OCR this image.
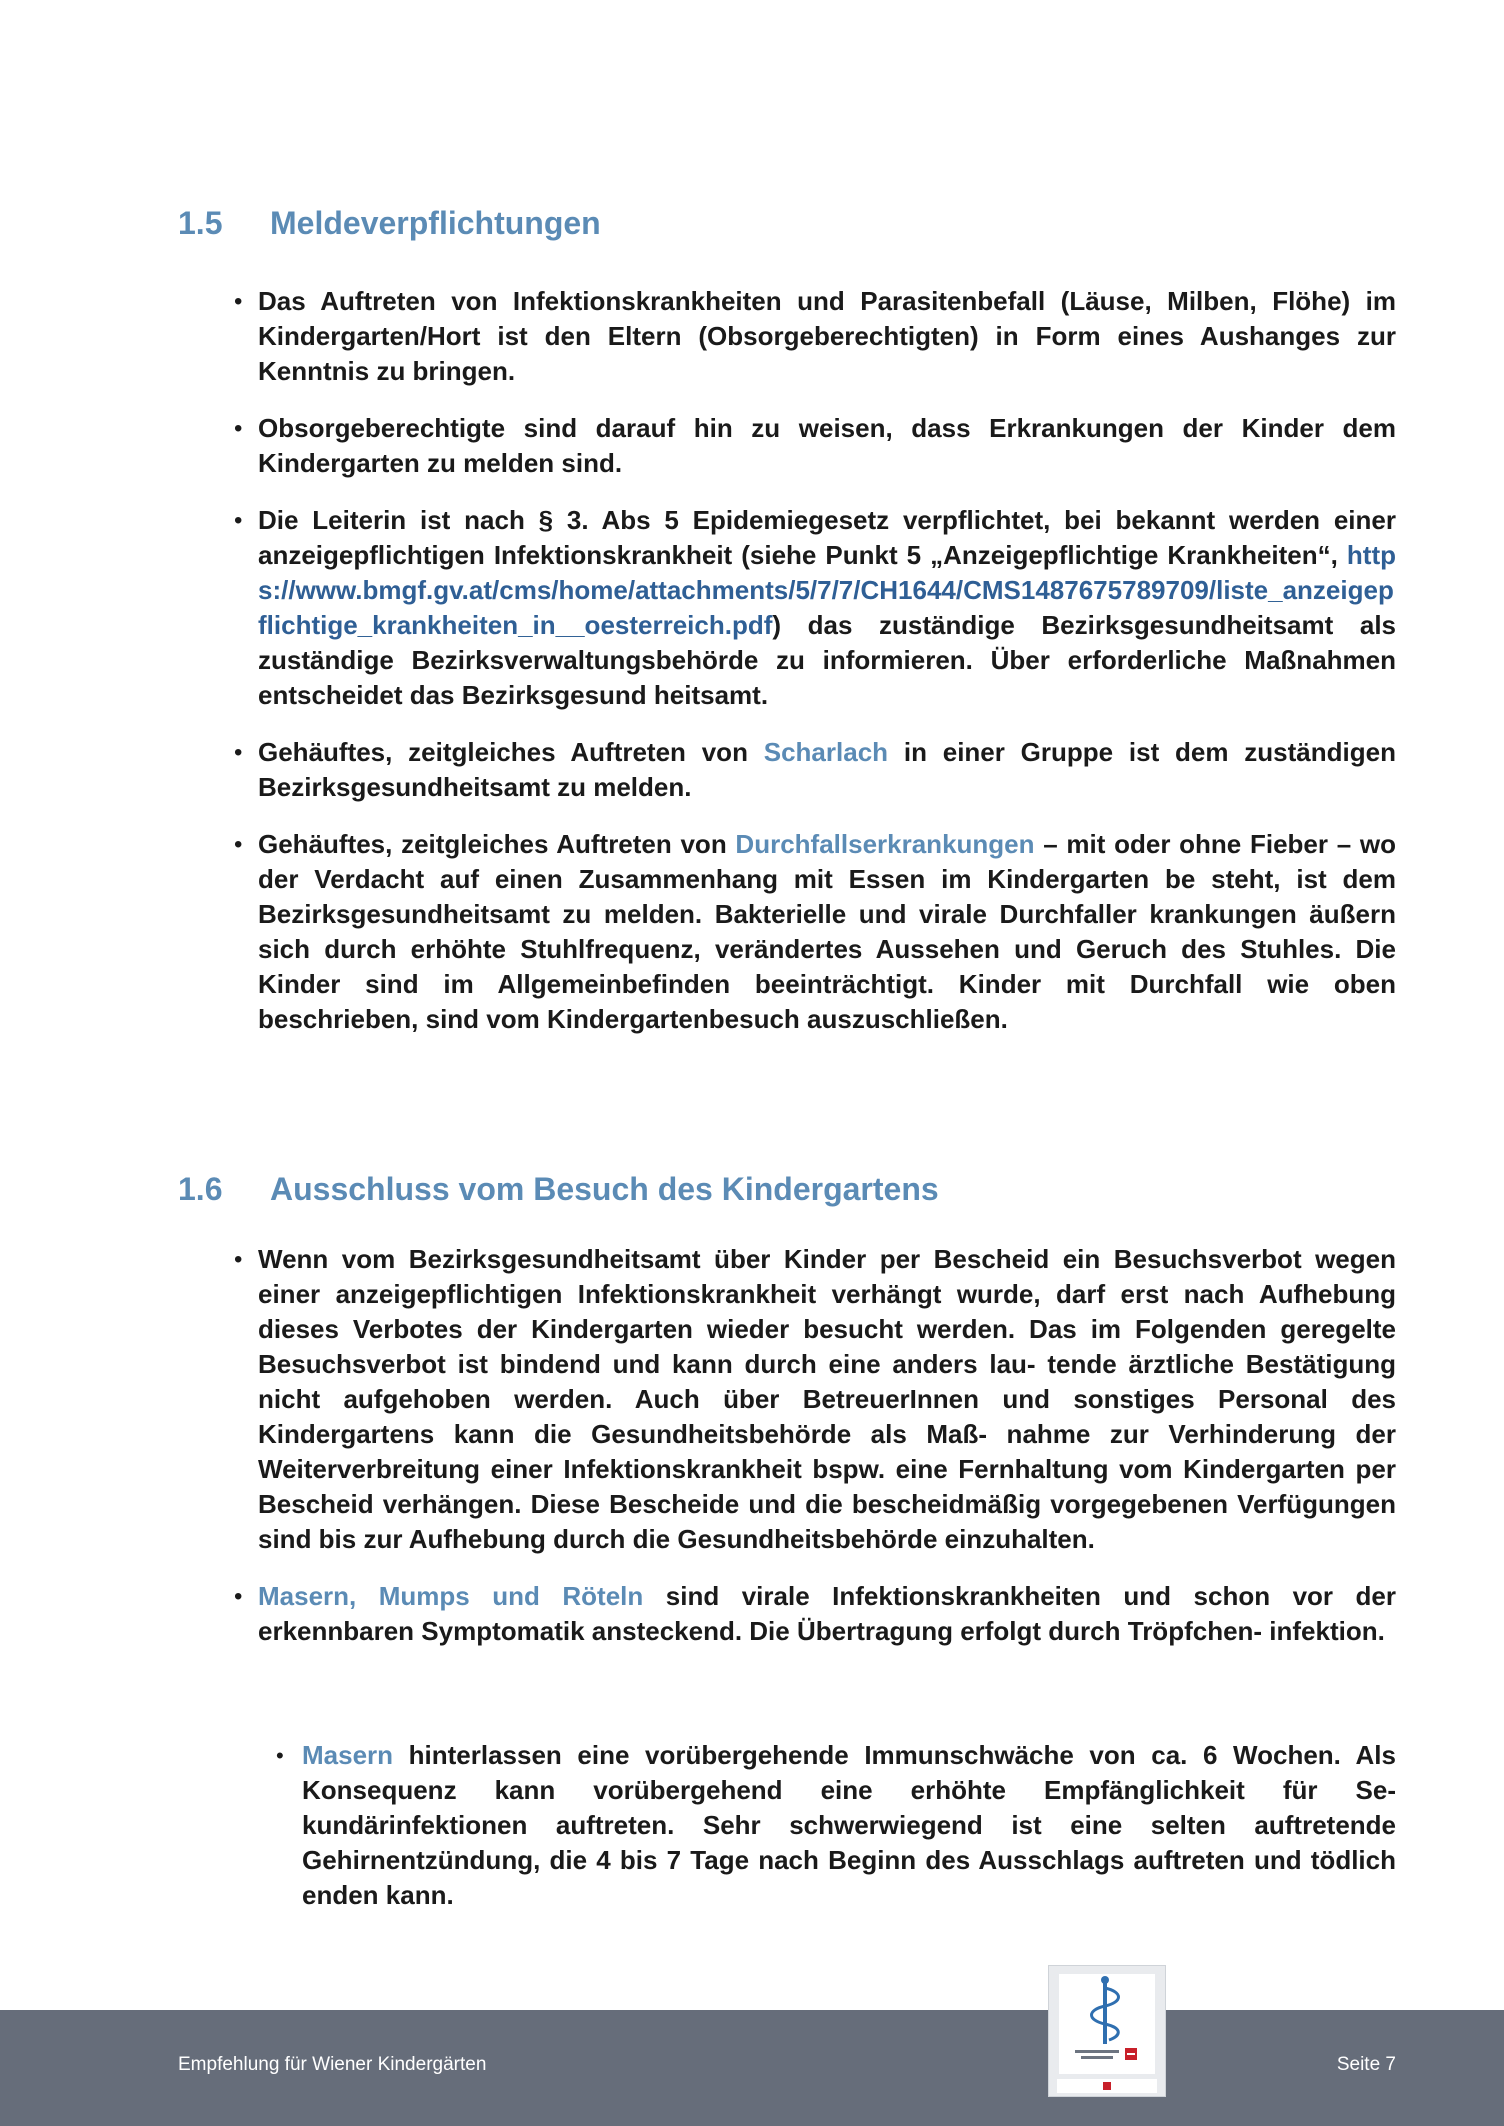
1.5 Meldeverpflichtungen
• Das Auftreten von Infektionskrankheiten und Parasitenbefall (Läuse, Milben, Flöhe) im Kindergarten/Hort ist den Eltern (Obsorgeberechtigten) in Form eines Aushanges zur Kenntnis zu bringen.
• Obsorgeberechtigte sind darauf hin zu weisen, dass Erkrankungen der Kinder dem Kindergarten zu melden sind.
• Die Leiterin ist nach § 3. Abs 5 Epidemiegesetz verpflichtet, bei bekannt werden einer anzeigepflichtigen Infektionskrankheit (siehe Punkt 5 „Anzeigepflichtige Krankheiten“, https://www.bmgf.gv.at/cms/home/attachments/5/7/7/CH1644/CMS1487675789709/liste_anzeigepflichtige_krankheiten_in__oesterreich.pdf) das zuständige Bezirksgesundheitsamt als zuständige Bezirksverwaltungsbehörde zu informieren. Über erforderliche Maßnahmen entscheidet das Bezirksgesund heitsamt.
• Gehäuftes, zeitgleiches Auftreten von Scharlach in einer Gruppe ist dem zuständigen Bezirksgesundheitsamt zu melden.
• Gehäuftes, zeitgleiches Auftreten von Durchfallserkrankungen – mit oder ohne Fieber – wo der Verdacht auf einen Zusammenhang mit Essen im Kindergarten be steht, ist dem Bezirksgesundheitsamt zu melden. Bakterielle und virale Durchfaller krankungen äußern sich durch erhöhte Stuhlfrequenz, verändertes Aussehen und Geruch des Stuhles. Die Kinder sind im Allgemeinbefinden beeinträchtigt. Kinder mit Durchfall wie oben beschrieben, sind vom Kindergartenbesuch auszuschließen.
1.6 Ausschluss vom Besuch des Kindergartens
• Wenn vom Bezirksgesundheitsamt über Kinder per Bescheid ein Besuchsverbot wegen einer anzeigepflichtigen Infektionskrankheit verhängt wurde, darf erst nach Aufhebung dieses Verbotes der Kindergarten wieder besucht werden. Das im Folgenden geregelte Besuchsverbot ist bindend und kann durch eine anders lau- tende ärztliche Bestätigung nicht aufgehoben werden. Auch über BetreuerInnen und sonstiges Personal des Kindergartens kann die Gesundheitsbehörde als Maß- nahme zur Verhinderung der Weiterverbreitung einer Infektionskrankheit bspw. eine Fernhaltung vom Kindergarten per Bescheid verhängen. Diese Bescheide und die bescheidmäßig vorgegebenen Verfügungen sind bis zur Aufhebung durch die Gesundheitsbehörde einzuhalten.
• Masern, Mumps und Röteln sind virale Infektionskrankheiten und schon vor der erkennbaren Symptomatik ansteckend. Die Übertragung erfolgt durch Tröpfchen- infektion.
• Masern hinterlassen eine vorübergehende Immunschwäche von ca. 6 Wochen. Als Konsequenz kann vorübergehend eine erhöhte Empfänglichkeit für Se- kundärinfektionen auftreten. Sehr schwerwiegend ist eine selten auftretende Gehirnentzündung, die 4 bis 7 Tage nach Beginn des Ausschlags auftreten und tödlich enden kann.
Empfehlung für Wiener Kindergärten	Seite 7
